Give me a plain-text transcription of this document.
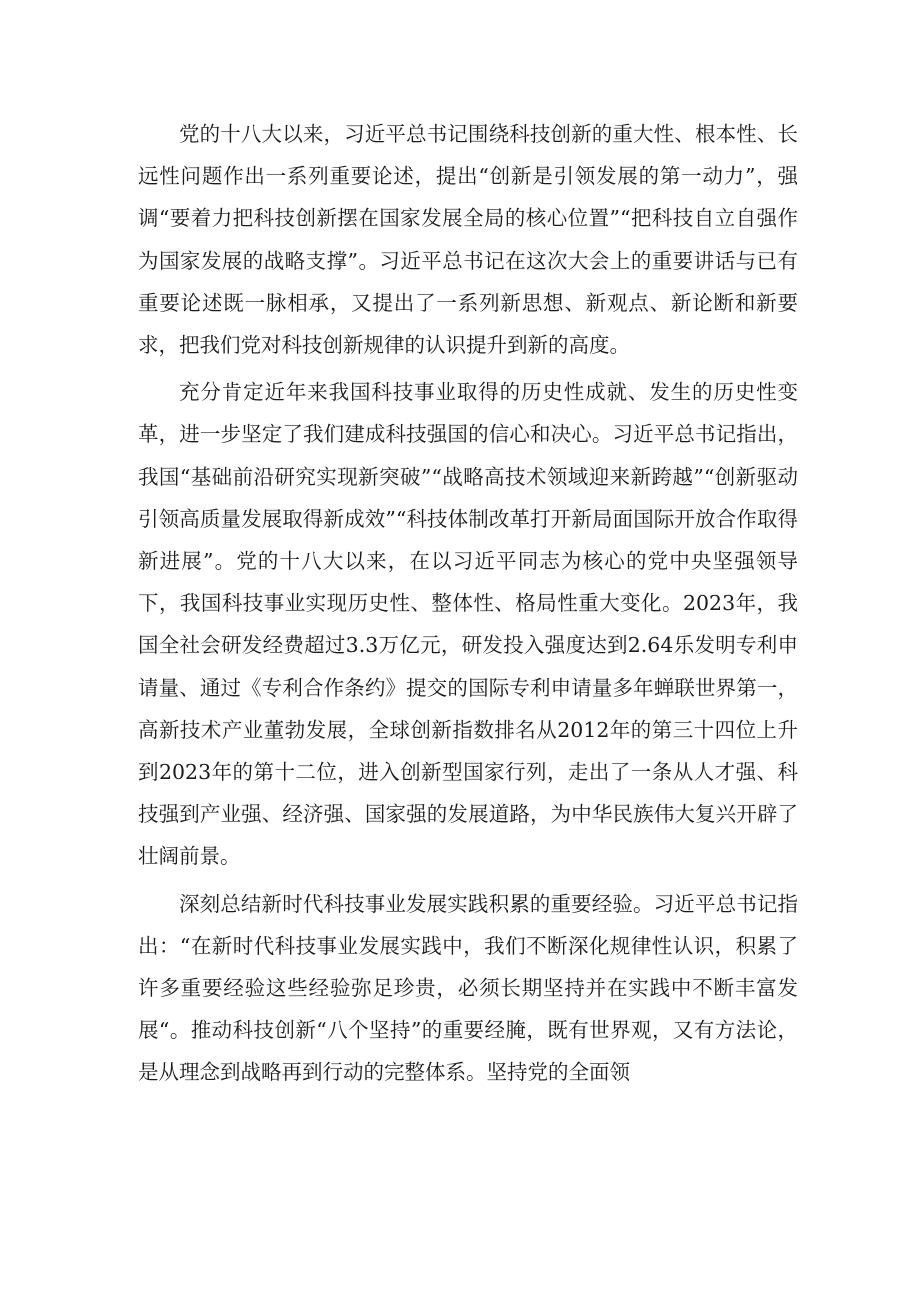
党的十八大以来，习近平总书记围绕科技创新的重大性、根本性、长远性问题作出一系列重要论述，提出“创新是引领发展的第一动力”，强调“要着力把科技创新摆在国家发展全局的核心位置”“把科技自立自强作为国家发展的战略支撑”。习近平总书记在这次大会上的重要讲话与已有重要论述既一脉相承，又提出了一系列新思想、新观点、新论断和新要求，把我们党对科技创新规律的认识提升到新的高度。

充分肯定近年来我国科技事业取得的历史性成就、发生的历史性变革，进一步坚定了我们建成科技强国的信心和决心。习近平总书记指出，我国“基础前沿研究实现新突破”“战略高技术领域迎来新跨越”“创新驱动引领高质量发展取得新成效”“科技体制改革打开新局面国际开放合作取得新进展”。党的十八大以来，在以习近平同志为核心的党中央坚强领导下，我国科技事业实现历史性、整体性、格局性重大变化。2023年，我国全社会研发经费超过3.3万亿元，研发投入强度达到2.64乐发明专利申请量、通过《专利合作条约》提交的国际专利申请量多年蝉联世界第一，高新技术产业董勃发展，全球创新指数排名从2012年的第三十四位上升到2023年的第十二位，进入创新型国家行列，走出了一条从人才强、科技强到产业强、经济强、国家强的发展道路，为中华民族伟大复兴开辟了壮阔前景。

深刻总结新时代科技事业发展实践积累的重要经验。习近平总书记指出：“在新时代科技事业发展实践中，我们不断深化规律性认识，积累了许多重要经验这些经验弥足珍贵，必须长期坚持并在实践中不断丰富发展“。推动科技创新“八个坚持”的重要经腌，既有世界观，又有方法论，是从理念到战略再到行动的完整体系。坚持党的全面领
